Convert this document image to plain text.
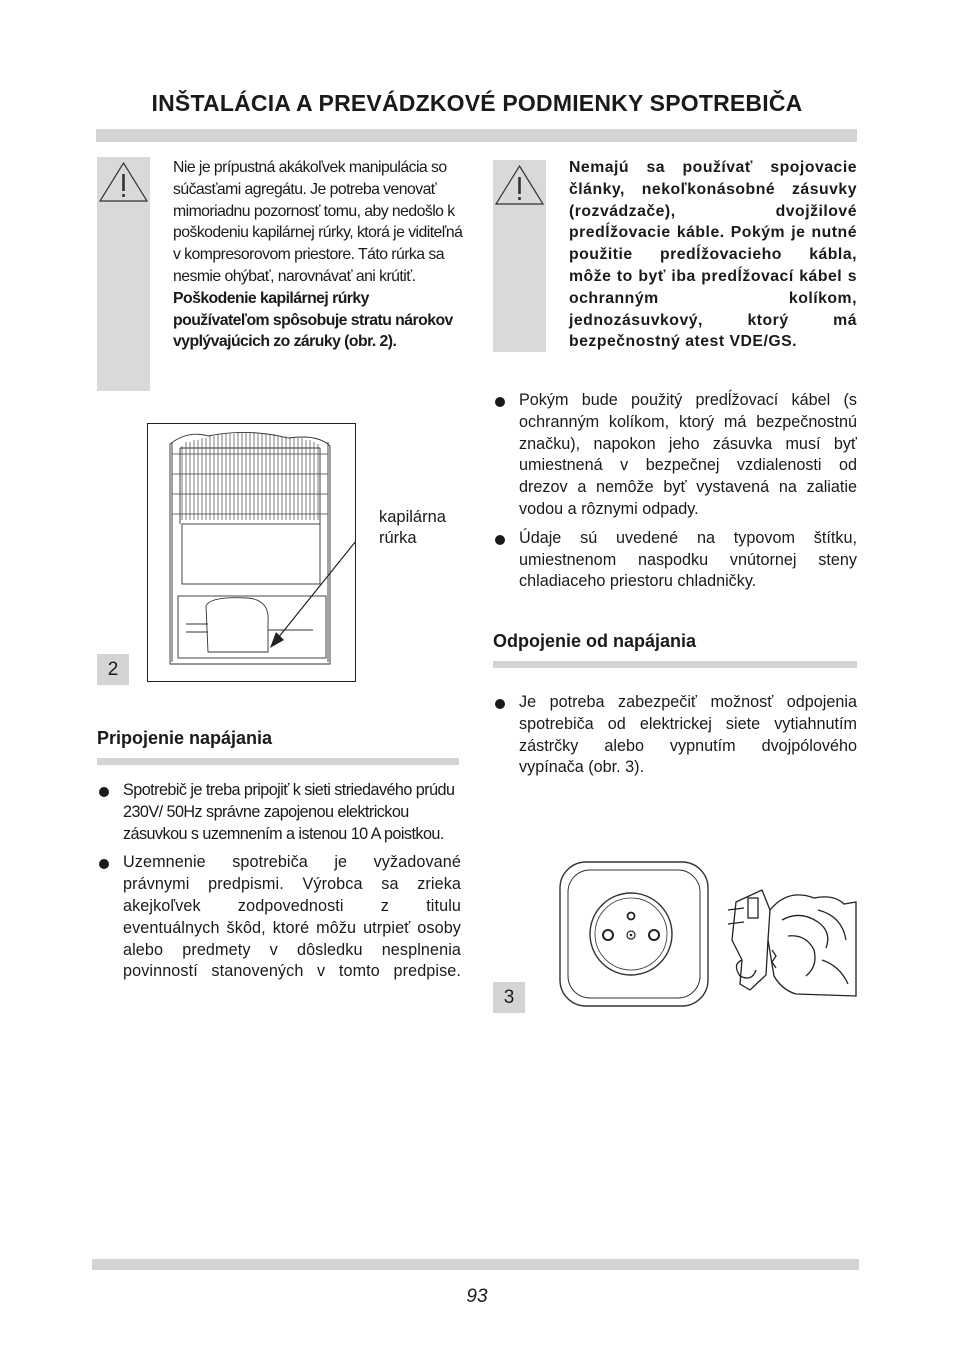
INŠTALÁCIA A PREVÁDZKOVÉ PODMIENKY SPOTREBIČA

Nie je prípustná akákoľvek manipulácia so súčasťami agregátu. Je potreba venovať mimoriadnu pozornosť tomu, aby nedošlo k poškodeniu kapilárnej rúrky, ktorá je viditeľná v kompresorovom priestore. Táto rúrka sa nesmie ohýbať, narovnávať ani krútiť.

Poškodenie kapilárnej rúrky používateľom spôsobuje stratu nárokov vyplývajúcich zo záruky (obr. 2).

kapilárna rúrka
2
Pripojenie napájania
Spotrebič je treba pripojiť k sieti striedavého prúdu 230V/ 50Hz správne zapojenou elektrickou zásuvkou s uzemnením a istenou 10 A poistkou.
Uzemnenie spotrebiča je vyžadované právnymi predpismi. Výrobca sa zrieka akejkoľvek zodpovednosti z titulu eventuálnych škôd, ktoré môžu utrpieť osoby alebo predmety v dôsledku nesplnenia povinností stanovených v tomto predpise.

Nemajú sa používať spojovacie články, nekoľkonásobné zásuvky (rozvádzače), dvojžilové predĺžovacie káble. Pokým je nutné použitie predĺžovacieho kábla, môže to byť iba predĺžovací kábel s ochranným kolíkom, jednozásuvkový, ktorý má bezpečnostný atest VDE/GS.

Pokým bude použitý predĺžovací kábel (s ochranným kolíkom, ktorý má bezpečnostnú značku), napokon jeho zásuvka musí byť umiestnená v bezpečnej vzdialenosti od drezov a nemôže byť vystavená na zaliatie vodou a rôznymi odpady.
Údaje sú uvedené na typovom štítku, umiestnenom naspodku vnútornej steny chladiaceho priestoru chladničky.
Odpojenie od napájania
Je potreba zabezpečiť možnosť odpojenia spotrebiča od elektrickej siete vytiahnutím zástrčky alebo vypnutím dvojpólového vypínača (obr. 3).
3
93
